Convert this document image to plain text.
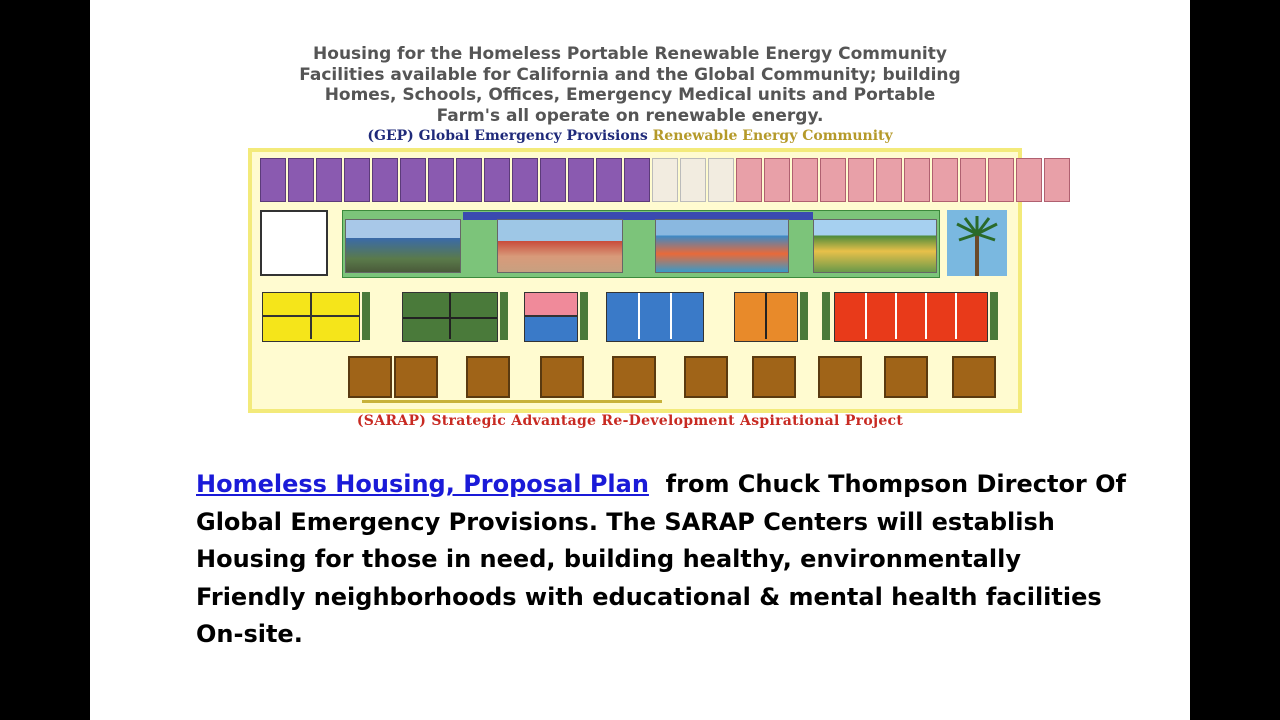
Housing for the Homeless Portable Renewable Energy Community
Facilities available for California and the Global Community; building
Homes, Schools, Offices, Emergency Medical units and Portable
Farm's all operate on renewable energy.
(GEP) Global Emergency Provisions Renewable Energy Community
(SARAP) Strategic Advantage Re-Development Aspirational Project
Homeless Housing, Proposal Plan from Chuck Thompson Director Of Global Emergency Provisions. The SARAP Centers will establish Housing for those in need, building healthy, environmentally Friendly neighborhoods with educational & mental health facilities On-site.
